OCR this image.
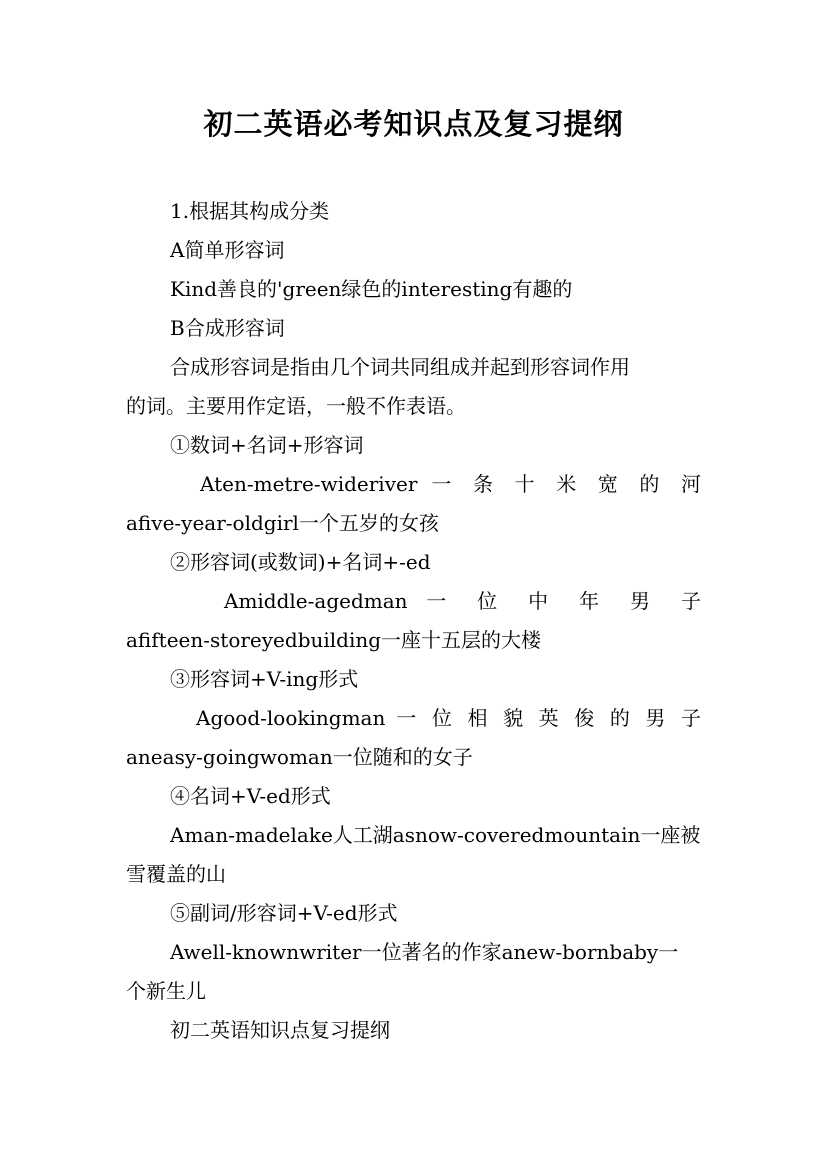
初二英语必考知识点及复习提纲
1.根据其构成分类
A简单形容词
Kind善良的'green绿色的interesting有趣的
B合成形容词
合成形容词是指由几个词共同组成并起到形容词作用
的词。主要用作定语，一般不作表语。
①数词+名词+形容词
Aten-metre-wideriver 一 条 十 米 宽 的 河
afive-year-oldgirl一个五岁的女孩
②形容词(或数词)+名词+-ed
Amiddle-agedman 一 位 中 年 男 子
afifteen-storeyedbuilding一座十五层的大楼
③形容词+V-ing形式
Agood-lookingman 一 位 相 貌 英 俊 的 男 子
aneasy-goingwoman一位随和的女子
④名词+V-ed形式
Aman-madelake人工湖asnow-coveredmountain一座被
雪覆盖的山
⑤副词/形容词+V-ed形式
Awell-knownwriter一位著名的作家anew-bornbaby一
个新生儿
初二英语知识点复习提纲
